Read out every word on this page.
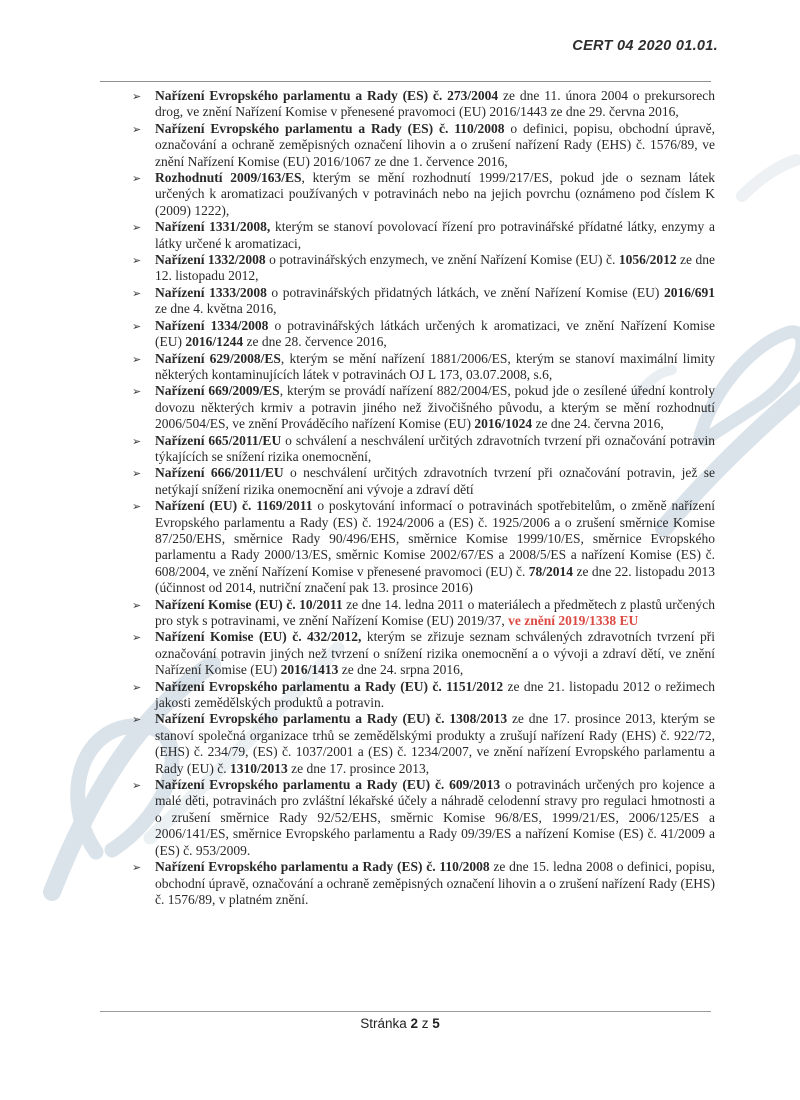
CERT 04 2020 01.01.
➢ Nařízení Evropského parlamentu a Rady (ES) č. 273/2004 ze dne 11. února 2004 o prekursorech drog, ve znění Nařízení Komise v přenesené pravomoci (EU) 2016/1443 ze dne 29. června 2016,
➢ Nařízení Evropského parlamentu a Rady (ES) č. 110/2008 o definici, popisu, obchodní úpravě, označování a ochraně zeměpisných označení lihovin a o zrušení nařízení Rady (EHS) č. 1576/89, ve znění Nařízení Komise (EU) 2016/1067 ze dne 1. července 2016,
➢ Rozhodnutí 2009/163/ES, kterým se mění rozhodnutí 1999/217/ES, pokud jde o seznam látek určených k aromatizaci používaných v potravinách nebo na jejich povrchu (oznámeno pod číslem K (2009) 1222),
➢ Nařízení 1331/2008, kterým se stanoví povolovací řízení pro potravinářské přídatné látky, enzymy a látky určené k aromatizaci,
➢ Nařízení 1332/2008 o potravinářských enzymech, ve znění Nařízení Komise (EU) č. 1056/2012 ze dne 12. listopadu 2012,
➢ Nařízení 1333/2008 o potravinářských přidatných látkách, ve znění Nařízení Komise (EU) 2016/691 ze dne 4. května 2016,
➢ Nařízení 1334/2008 o potravinářských látkách určených k aromatizaci, ve znění Nařízení Komise (EU) 2016/1244 ze dne 28. července 2016,
➢ Nařízení 629/2008/ES, kterým se mění nařízení 1881/2006/ES, kterým se stanoví maximální limity některých kontaminujících látek v potravinách OJ L 173, 03.07.2008, s.6,
➢ Nařízení 669/2009/ES, kterým se provádí nařízení 882/2004/ES, pokud jde o zesílené úřední kontroly dovozu některých krmiv a potravin jiného než živočišného původu, a kterým se mění rozhodnutí 2006/504/ES, ve znění Prováděcího nařízení Komise (EU) 2016/1024 ze dne 24. června 2016,
➢ Nařízení 665/2011/EU o schválení a neschválení určitých zdravotních tvrzení při označování potravin týkajících se snížení rizika onemocnění,
➢ Nařízení 666/2011/EU o neschválení určitých zdravotních tvrzení při označování potravin, jež se netýkají snížení rizika onemocnění ani vývoje a zdraví dětí
➢ Nařízení (EU) č. 1169/2011 o poskytování informací o potravinách spotřebitelům, o změně nařízení Evropského parlamentu a Rady (ES) č. 1924/2006 a (ES) č. 1925/2006 a o zrušení směrnice Komise 87/250/EHS, směrnice Rady 90/496/EHS, směrnice Komise 1999/10/ES, směrnice Evropského parlamentu a Rady 2000/13/ES, směrnic Komise 2002/67/ES a 2008/5/ES a nařízení Komise (ES) č. 608/2004, ve znění Nařízení Komise v přenesené pravomoci (EU) č. 78/2014 ze dne 22. listopadu 2013 (účinnost od 2014, nutriční značení pak 13. prosince 2016)
➢ Nařízení Komise (EU) č. 10/2011 ze dne 14. ledna 2011 o materiálech a předmětech z plastů určených pro styk s potravinami, ve znění Nařízení Komise (EU) 2019/37, ve znění 2019/1338 EU
➢ Nařízení Komise (EU) č. 432/2012, kterým se zřizuje seznam schválených zdravotních tvrzení při označování potravin jiných než tvrzení o snížení rizika onemocnění a o vývoji a zdraví dětí, ve znění Nařízení Komise (EU) 2016/1413 ze dne 24. srpna 2016,
➢ Nařízení Evropského parlamentu a Rady (EU) č. 1151/2012 ze dne 21. listopadu 2012 o režimech jakosti zemědělských produktů a potravin.
➢ Nařízení Evropského parlamentu a Rady (EU) č. 1308/2013 ze dne 17. prosince 2013, kterým se stanoví společná organizace trhů se zemědělskými produkty a zrušují nařízení Rady (EHS) č. 922/72, (EHS) č. 234/79, (ES) č. 1037/2001 a (ES) č. 1234/2007, ve znění nařízení Evropského parlamentu a Rady (EU) č. 1310/2013 ze dne 17. prosince 2013,
➢ Nařízení Evropského parlamentu a Rady (EU) č. 609/2013 o potravinách určených pro kojence a malé děti, potravinách pro zvláštní lékařské účely a náhradě celodenní stravy pro regulaci hmotnosti a o zrušení směrnice Rady 92/52/EHS, směrnic Komise 96/8/ES, 1999/21/ES, 2006/125/ES a 2006/141/ES, směrnice Evropského parlamentu a Rady 09/39/ES a nařízení Komise (ES) č. 41/2009 a (ES) č. 953/2009.
➢ Nařízení Evropského parlamentu a Rady (ES) č. 110/2008 ze dne 15. ledna 2008 o definici, popisu, obchodní úpravě, označování a ochraně zeměpisných označení lihovin a o zrušení nařízení Rady (EHS) č. 1576/89, v platném znění.
Stránka 2 z 5
